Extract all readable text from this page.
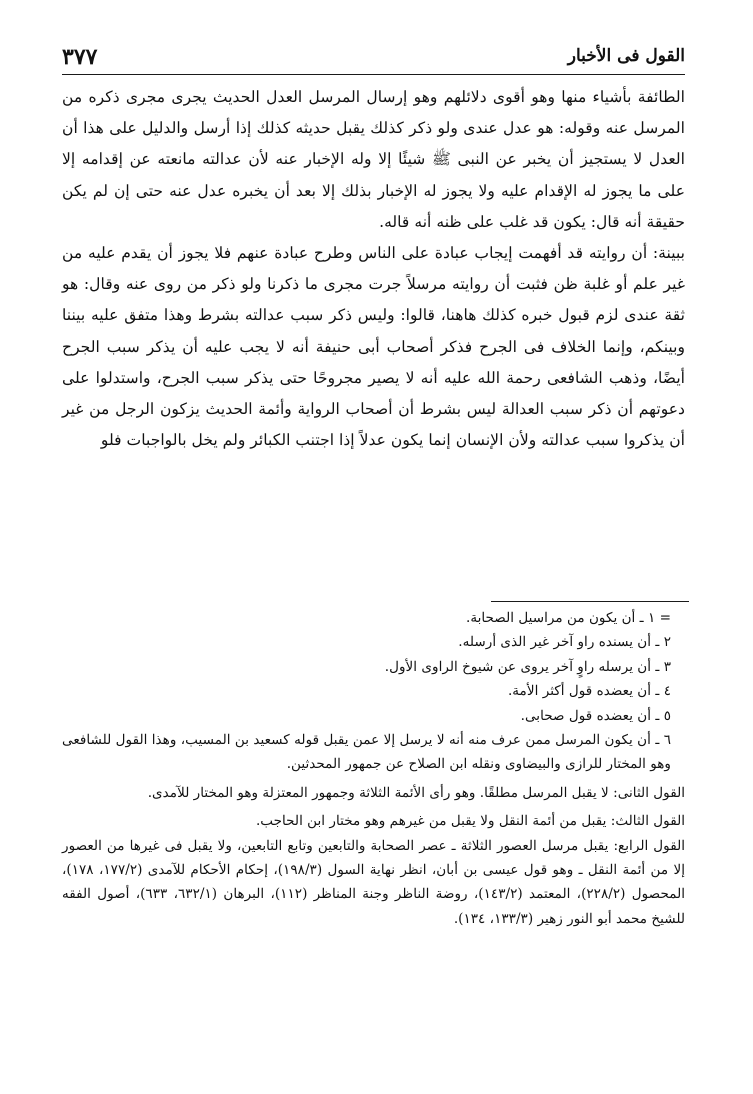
٣٧٧	القول فى الأخبار

الطائفة بأشياء منها وهو أقوى دلائلهم وهو إرسال المرسل العدل الحديث يجرى مجرى ذكره من المرسل عنه وقوله: هو عدل عندى ولو ذكر كذلك يقبل حديثه كذلك إذا أرسل والدليل على هذا أن العدل لا يستجيز أن يخبر عن النبى ﷺ شيئًا إلا وله الإخبار عنه لأن عدالته مانعته عن إقدامه إلا على ما يجوز له الإقدام عليه ولا يجوز له الإخبار بذلك إلا بعد أن يخبره عدل عنه حتى إن لم يكن حقيقة أنه قال: يكون قد غلب على ظنه أنه قاله.

ببينة: أن روايته قد أفهمت إيجاب عبادة على الناس وطرح عبادة عنهم فلا يجوز أن يقدم عليه من غير علم أو غلبة ظن فثبت أن روايته مرسلاً جرت مجرى ما ذكرنا ولو ذكر من روى عنه وقال: هو ثقة عندى لزم قبول خبره كذلك هاهنا، قالوا: وليس ذكر سبب عدالته بشرط وهذا متفق عليه بيننا وبينكم، وإنما الخلاف فى الجرح فذكر أصحاب أبى حنيفة أنه لا يجب عليه أن يذكر سبب الجرح أيضًا، وذهب الشافعى رحمة الله عليه أنه لا يصير مجروحًا حتى يذكر سبب الجرح، واستدلوا على دعوتهم أن ذكر سبب العدالة ليس بشرط أن أصحاب الرواية وأئمة الحديث يزكون الرجل من غير أن يذكروا سبب عدالته ولأن الإنسان إنما يكون عدلاً إذا اجتنب الكبائر ولم يخل بالواجبات فلو

= ١ ـ أن يكون من مراسيل الصحابة.

٢ ـ أن يسنده راو آخر غير الذى أرسله.

٣ ـ أن يرسله راوٍ آخر يروى عن شيوخ الراوى الأول.

٤ ـ أن يعضده قول أكثر الأمة.

٥ ـ أن يعضده قول صحابى.

٦ ـ أن يكون المرسل ممن عرف منه أنه لا يرسل إلا عمن يقبل قوله كسعيد بن المسيب، وهذا القول للشافعى وهو المختار للرازى والبيضاوى ونقله ابن الصلاح عن جمهور المحدثين.

القول الثانى: لا يقبل المرسل مطلقًا. وهو رأى الأئمة الثلاثة وجمهور المعتزلة وهو المختار للآمدى.

القول الثالث: يقبل من أئمة النقل ولا يقبل من غيرهم وهو مختار ابن الحاجب.

القول الرابع: يقبل مرسل العصور الثلاثة ـ عصر الصحابة والتابعين وتابع التابعين، ولا يقبل فى غيرها من العصور إلا من أئمة النقل ـ وهو قول عيسى بن أبان، انظر نهاية السول (١٩٨/٣)، إحكام الأحكام للآمدى (١٧٧/٢، ١٧٨)، المحصول (٢٢٨/٢)، المعتمد (١٤٣/٢)، روضة الناظر وجنة المناظر (١١٢)، البرهان (٦٣٢/١، ٦٣٣)، أصول الفقه للشيخ محمد أبو النور زهير (١٣٣/٣، ١٣٤).
